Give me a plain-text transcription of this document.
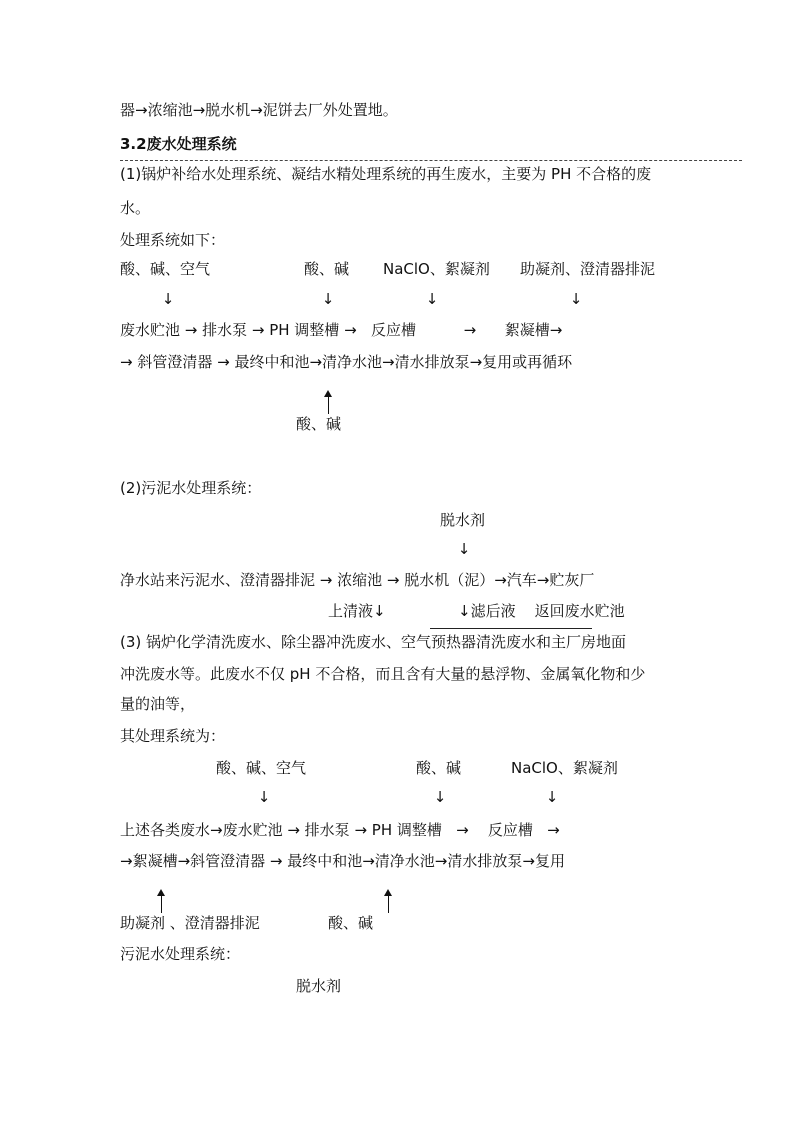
器→浓缩池→脱水机→泥饼去厂外处置地。
3.2废水处理系统
(1)锅炉补给水处理系统、凝结水精处理系统的再生废水，主要为 PH 不合格的废
水。
处理系统如下：
酸、碱、空气	酸、碱 NaClO、絮凝剂 助凝剂、澄清器排泥
↓	↓	↓	↓
废水贮池 → 排水泵 → PH 调整槽 →   反应槽          →      絮凝槽→
→ 斜管澄清器 → 最终中和池→清净水池→清水排放泵→复用或再循环
酸、碱
(2)污泥水处理系统：
脱水剂
↓
净水站来污泥水、澄清器排泥 → 浓缩池 → 脱水机（泥）→汽车→贮灰厂
上清液↓	↓滤后液    返回废水贮池
(3) 锅炉化学清洗废水、除尘器冲洗废水、空气预热器清洗废水和主厂房地面
冲洗废水等。此废水不仅 pH 不合格，而且含有大量的悬浮物、金属氧化物和少
量的油等，
其处理系统为：
酸、碱、空气	酸、碱	NaClO、絮凝剂
↓	↓	↓
上述各类废水→废水贮池 → 排水泵 → PH 调整槽   →    反应槽   →
→絮凝槽→斜管澄清器 → 最终中和池→清净水池→清水排放泵→复用
助凝剂 、澄清器排泥	酸、碱
污泥水处理系统：
脱水剂
